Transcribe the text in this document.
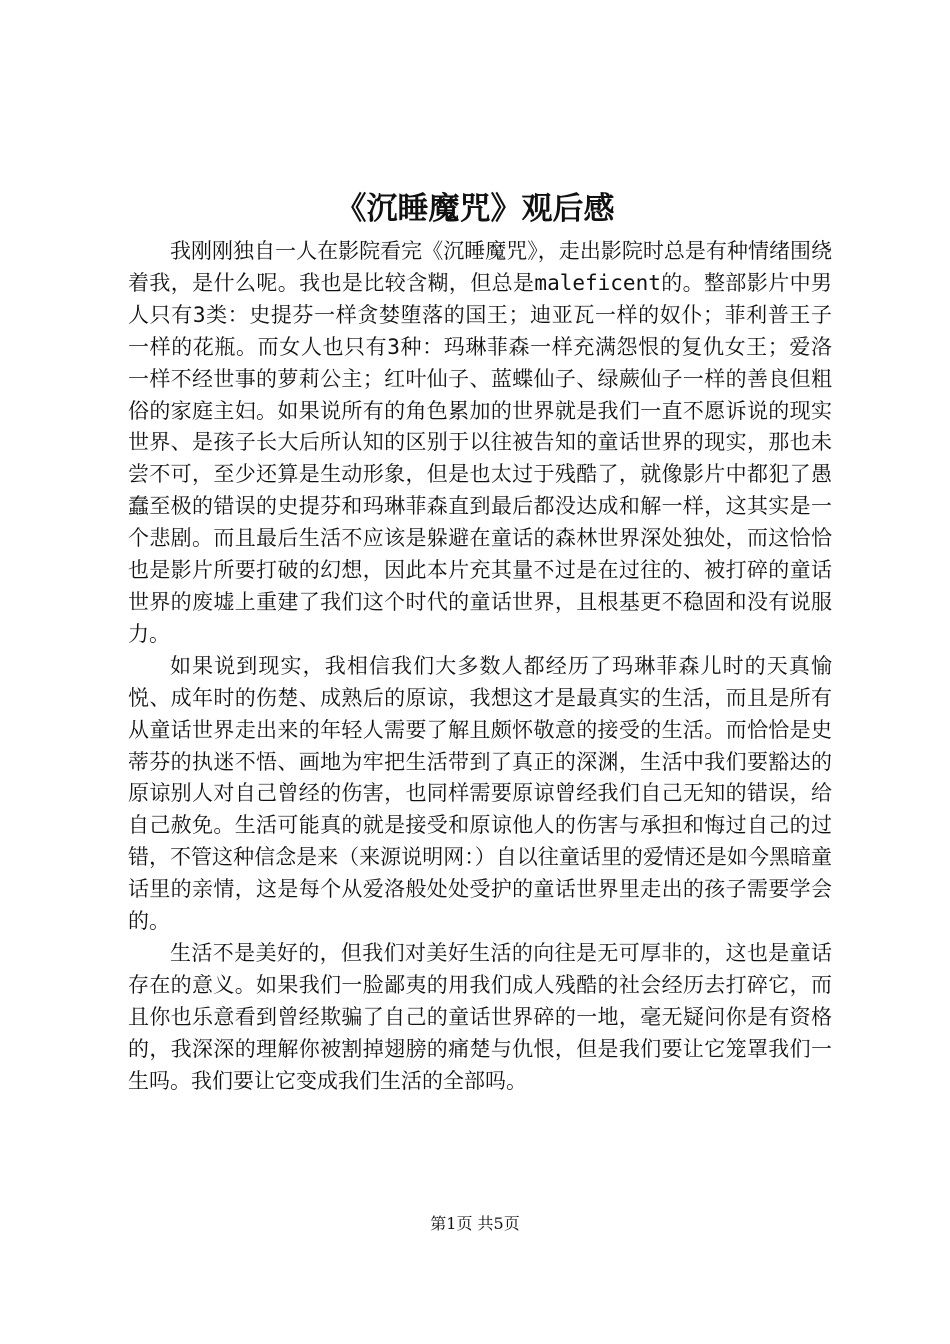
《沉睡魔咒》观后感

我刚刚独自一人在影院看完《沉睡魔咒》，走出影院时总是有种情绪围绕着我，是什么呢。我也是比较含糊，但总是maleficent的。整部影片中男人只有3类：史提芬一样贪婪堕落的国王；迪亚瓦一样的奴仆；菲利普王子一样的花瓶。而女人也只有3种：玛琳菲森一样充满怨恨的复仇女王；爱洛一样不经世事的萝莉公主；红叶仙子、蓝蝶仙子、绿蕨仙子一样的善良但粗俗的家庭主妇。如果说所有的角色累加的世界就是我们一直不愿诉说的现实世界、是孩子长大后所认知的区别于以往被告知的童话世界的现实，那也未尝不可，至少还算是生动形象，但是也太过于残酷了，就像影片中都犯了愚蠢至极的错误的史提芬和玛琳菲森直到最后都没达成和解一样，这其实是一个悲剧。而且最后生活不应该是躲避在童话的森林世界深处独处，而这恰恰也是影片所要打破的幻想，因此本片充其量不过是在过往的、被打碎的童话世界的废墟上重建了我们这个时代的童话世界，且根基更不稳固和没有说服力。

如果说到现实，我相信我们大多数人都经历了玛琳菲森儿时的天真愉悦、成年时的伤楚、成熟后的原谅，我想这才是最真实的生活，而且是所有从童话世界走出来的年轻人需要了解且颇怀敬意的接受的生活。而恰恰是史蒂芬的执迷不悟、画地为牢把生活带到了真正的深渊，生活中我们要豁达的原谅别人对自己曾经的伤害，也同样需要原谅曾经我们自己无知的错误，给自己赦免。生活可能真的就是接受和原谅他人的伤害与承担和悔过自己的过错，不管这种信念是来（来源说明网：）自以往童话里的爱情还是如今黑暗童话里的亲情，这是每个从爱洛般处处受护的童话世界里走出的孩子需要学会的。

生活不是美好的，但我们对美好生活的向往是无可厚非的，这也是童话存在的意义。如果我们一脸鄙夷的用我们成人残酷的社会经历去打碎它，而且你也乐意看到曾经欺骗了自己的童话世界碎的一地，毫无疑问你是有资格的，我深深的理解你被割掉翅膀的痛楚与仇恨，但是我们要让它笼罩我们一生吗。我们要让它变成我们生活的全部吗。

第1页 共5页
